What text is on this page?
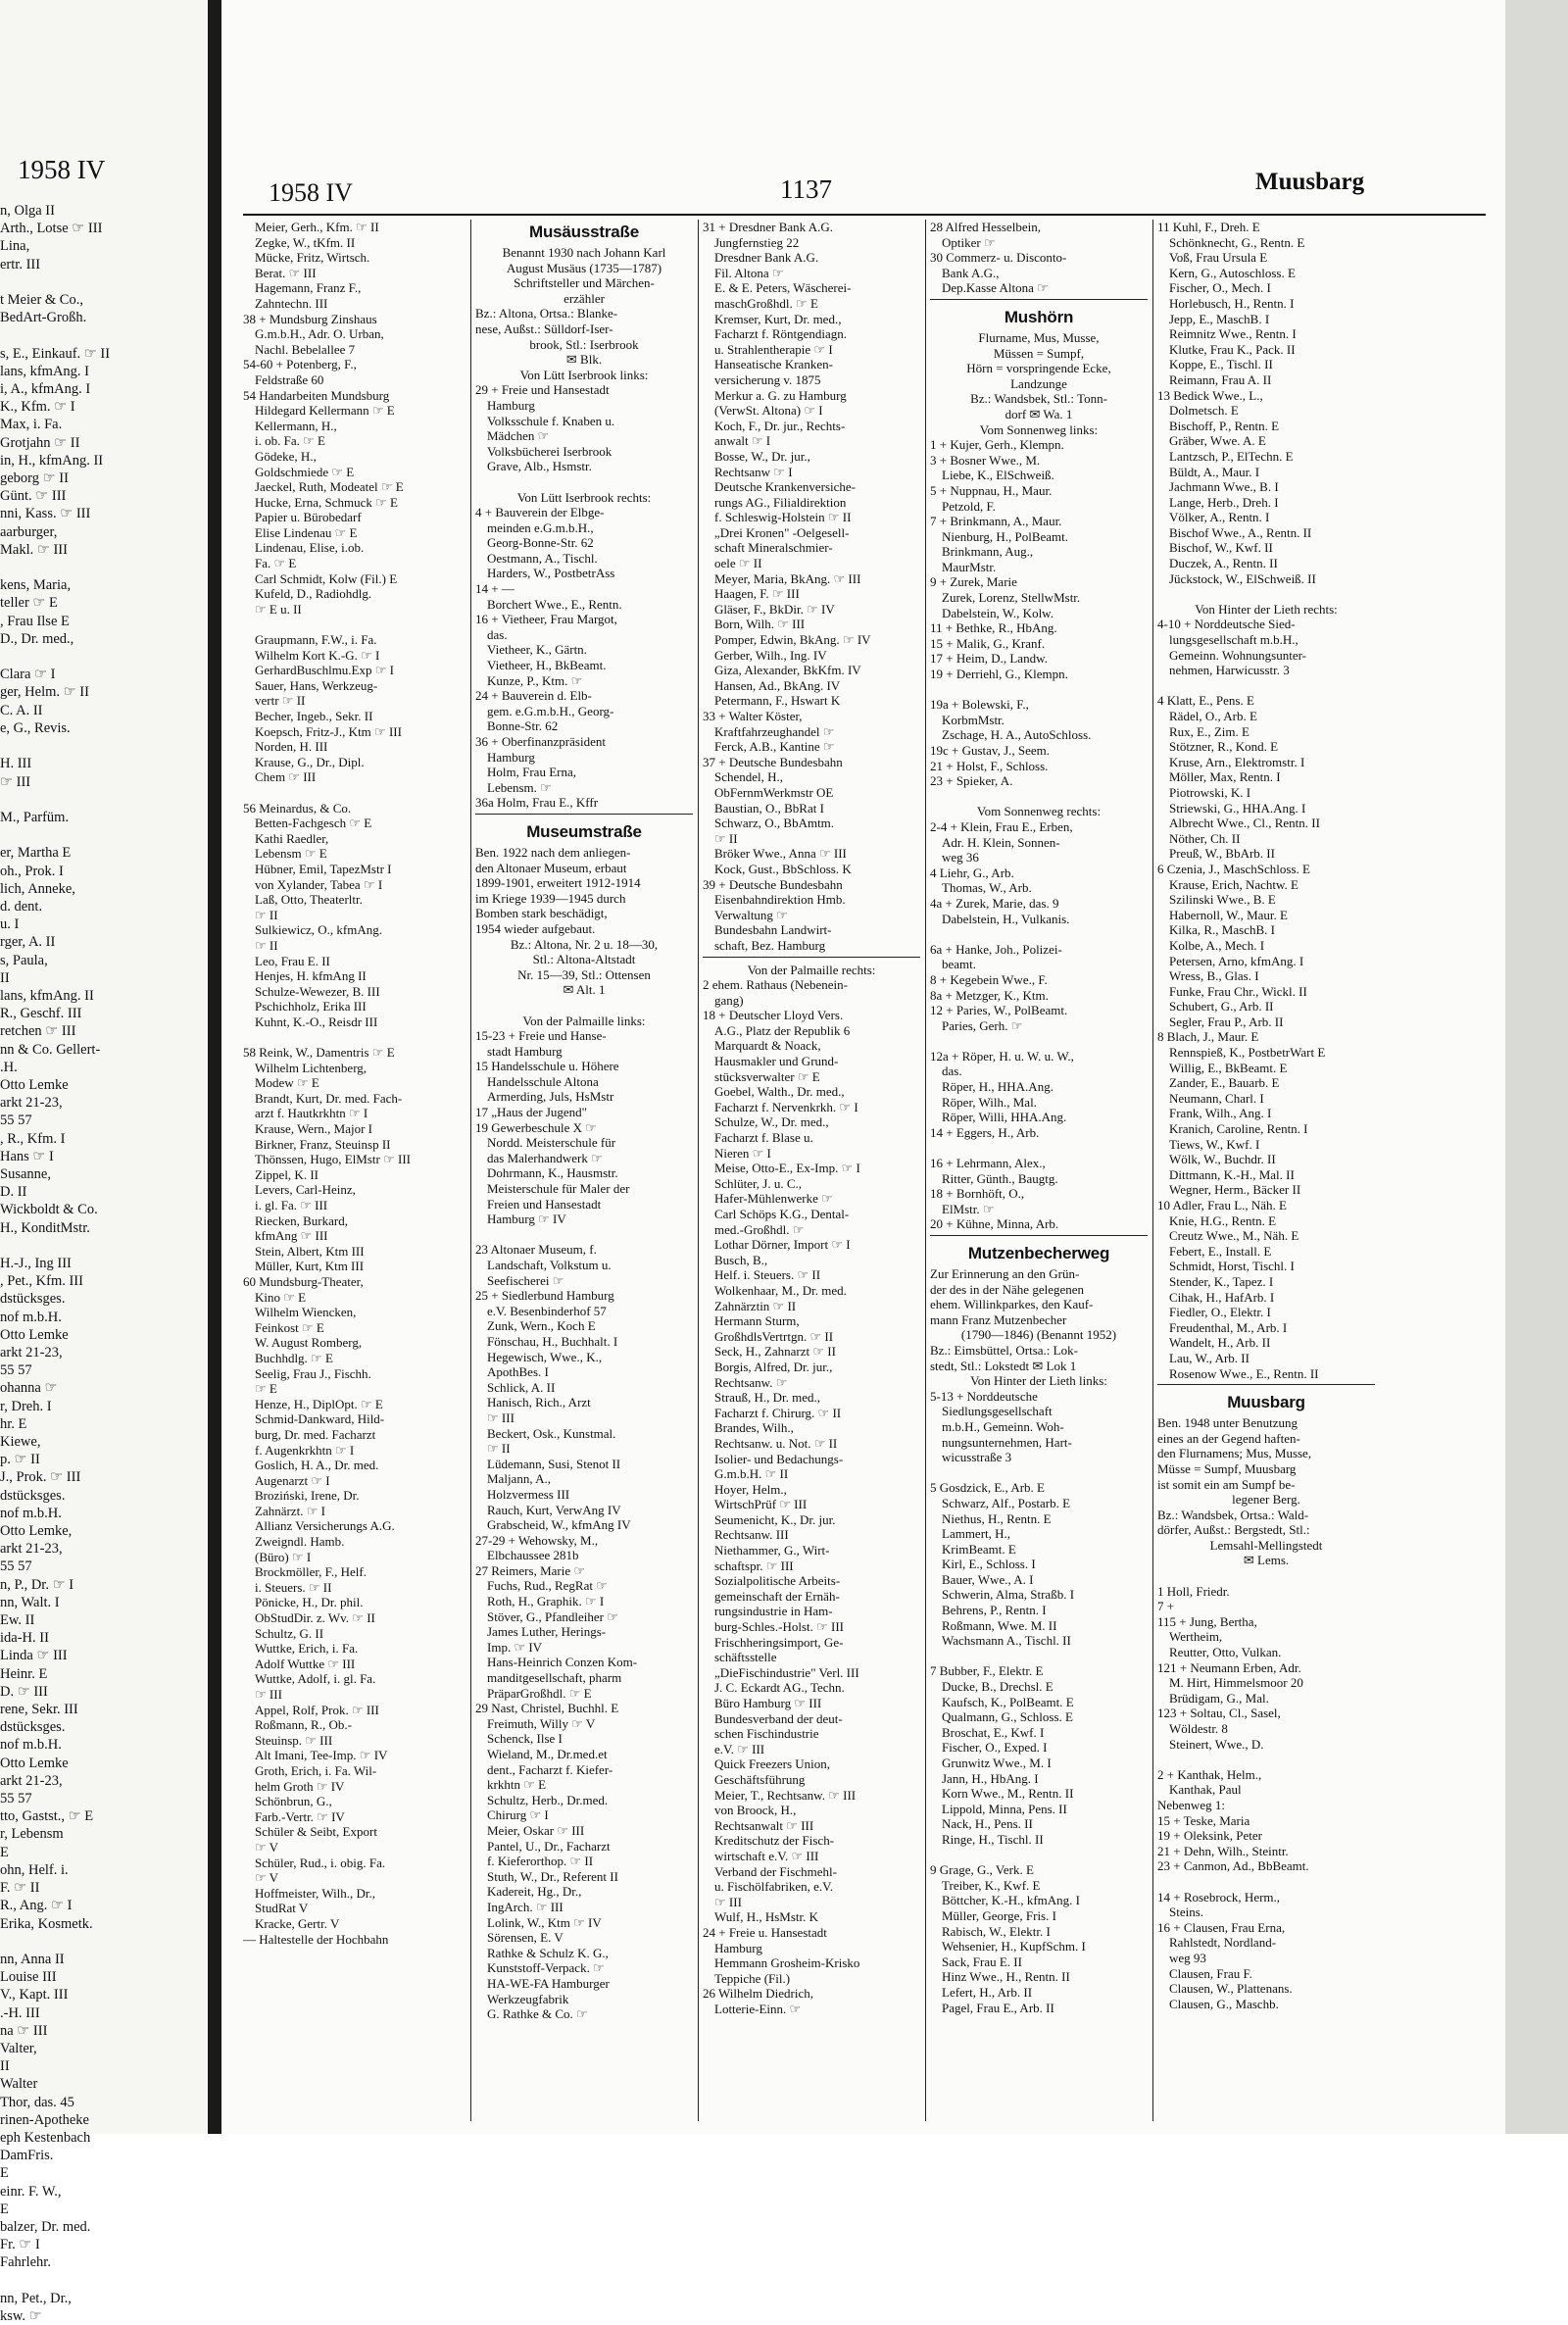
1958 IV
n, Olga II
Arth., Lotse ☞ III
Lina,
ertr. III

t Meier & Co.,
BedArt-Großh.

s, E., Einkauf. ☞ II
lans, kfmAng. I
i, A., kfmAng. I
K., Kfm. ☞ I
Max, i. Fa.
Grotjahn ☞ II
in, H., kfmAng. II
geborg ☞ II
Günt. ☞ III
nni, Kass. ☞ III
aarburger,
Makl. ☞ III

kens, Maria,
teller ☞ E
, Frau Ilse E
D., Dr. med.,

Clara ☞ I
ger, Helm. ☞ II
C. A. II
e, G., Revis.

H. III
☞ III

M., Parfüm.

er, Martha E
oh., Prok. I
lich, Anneke,
d. dent.
u. I
rger, A. II
s, Paula,
II
lans, kfmAng. II
R., Geschf. III
retchen ☞ III
nn & Co. Gellert-
.H.
Otto Lemke
arkt 21-23,
55 57
, R., Kfm. I
Hans ☞ I
Susanne,
D. II
Wickboldt & Co.
H., KonditMstr.

H.-J., Ing III
, Pet., Kfm. III
dstücksges.
nof m.b.H.
Otto Lemke
arkt 21-23,
55 57
ohanna ☞
r, Dreh. I
hr. E
Kiewe,
p. ☞ II
J., Prok. ☞ III
dstücksges.
nof m.b.H.
Otto Lemke,
arkt 21-23,
55 57
n, P., Dr. ☞ I
nn, Walt. I
Ew. II
ida-H. II
Linda ☞ III
Heinr. E
D. ☞ III
rene, Sekr. III
dstücksges.
nof m.b.H.
Otto Lemke
arkt 21-23,
55 57
tto, Gastst., ☞ E
r, Lebensm
E
ohn, Helf. i.
F. ☞ II
R., Ang. ☞ I
Erika, Kosmetk.

nn, Anna II
Louise III
V., Kapt. III
.-H. III
na ☞ III
Valter,
II
Walter
Thor, das. 45
rinen-Apotheke
eph Kestenbach
DamFris.
E
einr. F. W.,
E
balzer, Dr. med.
Fr. ☞ I
Fahrlehr.

nn, Pet., Dr.,
ksw. ☞
1958 IV	1137	Muusbarg
Meier, Gerh., Kfm. ☞ II
Zegke, W., tKfm. II
Mücke, Fritz, Wirtsch.
Berat. ☞ III
Hagemann, Franz F.,
Zahntechn. III
38 + Mundsburg Zinshaus
G.m.b.H., Adr. O. Urban,
Nachl. Bebelallee 7
54-60 + Potenberg, F.,
Feldstraße 60
54 Handarbeiten Mundsburg
Hildegard Kellermann ☞ E
Kellermann, H.,
i. ob. Fa. ☞ E
Gödeke, H.,
Goldschmiede ☞ E
Jaeckel, Ruth, Modeatel ☞ E
Hucke, Erna, Schmuck ☞ E
Papier u. Bürobedarf
Elise Lindenau ☞ E
Lindenau, Elise, i.ob.
Fa. ☞ E
Carl Schmidt, Kolw (Fil.) E
Kufeld, D., Radiohdlg.
☞ E u. II

Graupmann, F.W., i. Fa.
Wilhelm Kort K.-G. ☞ I
GerhardBuschlmu.Exp ☞ I
Sauer, Hans, Werkzeug-
vertr ☞ II
Becher, Ingeb., Sekr. II
Koepsch, Fritz-J., Ktm ☞ III
Norden, H. III
Krause, G., Dr., Dipl.
Chem ☞ III

56 Meinardus, & Co.
Betten-Fachgesch ☞ E
Kathi Raedler,
Lebensm ☞ E
Hübner, Emil, TapezMstr I
von Xylander, Tabea ☞ I
Laß, Otto, Theaterltr.
☞ II
Sulkiewicz, O., kfmAng.
☞ II
Leo, Frau E. II
Henjes, H. kfmAng II
Schulze-Wewezer, B. III
Pschichholz, Erika III
Kuhnt, K.-O., Reisdr III

58 Reink, W., Damentris ☞ E
Wilhelm Lichtenberg,
Modew ☞ E
Brandt, Kurt, Dr. med. Fach-
arzt f. Hautkrkhtn ☞ I
Krause, Wern., Major I
Birkner, Franz, Steuinsp II
Thönssen, Hugo, ElMstr ☞ III
Zippel, K. II
Levers, Carl-Heinz,
i. gl. Fa. ☞ III
Riecken, Burkard,
kfmAng ☞ III
Stein, Albert, Ktm III
Müller, Kurt, Ktm III
60 Mundsburg-Theater,
Kino ☞ E
Wilhelm Wiencken,
Feinkost ☞ E
W. August Romberg,
Buchhdlg. ☞ E
Seelig, Frau J., Fischh.
☞ E
Henze, H., DiplOpt. ☞ E
Schmid-Dankward, Hild-
burg, Dr. med. Facharzt
f. Augenkrkhtn ☞ I
Goslich, H. A., Dr. med.
Augenarzt ☞ I
Broziński, Irene, Dr.
Zahnärzt. ☞ I
Allianz Versicherungs A.G.
Zweigndl. Hamb.
(Büro) ☞ I
Brockmöller, F., Helf.
i. Steuers. ☞ II
Pönicke, H., Dr. phil.
ObStudDir. z. Wv. ☞ II
Schultz, G. II
Wuttke, Erich, i. Fa.
Adolf Wuttke ☞ III
Wuttke, Adolf, i. gl. Fa.
☞ III
Appel, Rolf, Prok. ☞ III
Roßmann, R., Ob.-
Steuinsp. ☞ III
Alt Imani, Tee-Imp. ☞ IV
Groth, Erich, i. Fa. Wil-
helm Groth ☞ IV
Schönbrun, G.,
Farb.-Vertr. ☞ IV
Schüler & Seibt, Export
☞ V
Schüler, Rud., i. obig. Fa.
☞ V
Hoffmeister, Wilh., Dr.,
StudRat V
Kracke, Gertr. V
— Haltestelle der Hochbahn
Musäusstraße
Benannt 1930 nach Johann Karl
August Musäus (1735—1787)
Schriftsteller und Märchen-
erzähler
Bz.: Altona, Ortsa.: Blanke-
nese, Außst.: Sülldorf-Iser-
brook, Stl.: Iserbrook
✉ Blk.
Von Lütt Iserbrook links:
29 + Freie und Hansestadt
Hamburg
Volksschule f. Knaben u.
Mädchen ☞
Volksbücherei Iserbrook
Grave, Alb., Hsmstr.

Von Lütt Iserbrook rechts:
4 + Bauverein der Elbge-
meinden e.G.m.b.H.,
Georg-Bonne-Str. 62
Oestmann, A., Tischl.
Harders, W., PostbetrAss
14 + —
Borchert Wwe., E., Rentn.
16 + Vietheer, Frau Margot,
das.
Vietheer, K., Gärtn.
Vietheer, H., BkBeamt.
Kunze, P., Ktm. ☞
24 + Bauverein d. Elb-
gem. e.G.m.b.H., Georg-
Bonne-Str. 62
36 + Oberfinanzpräsident
Hamburg
Holm, Frau Erna,
Lebensm. ☞
36a Holm, Frau E., Kffr
Museumstraße
Ben. 1922 nach dem anliegen-
den Altonaer Museum, erbaut
1899-1901, erweitert 1912-1914
im Kriege 1939—1945 durch
Bomben stark beschädigt,
1954 wieder aufgebaut.
Bz.: Altona, Nr. 2 u. 18—30,
Stl.: Altona-Altstadt
Nr. 15—39, Stl.: Ottensen
✉ Alt. 1

Von der Palmaille links:
15-23 + Freie und Hanse-
stadt Hamburg
15 Handelsschule u. Höhere
Handelsschule Altona
Armerding, Juls, HsMstr
17 „Haus der Jugend"
19 Gewerbeschule X ☞
Nordd. Meisterschule für
das Malerhandwerk ☞
Dohrmann, K., Hausmstr.
Meisterschule für Maler der
Freien und Hansestadt
Hamburg ☞ IV

23 Altonaer Museum, f.
Landschaft, Volkstum u.
Seefischerei ☞
25 + Siedlerbund Hamburg
e.V. Besenbinderhof 57
Zunk, Wern., Koch E
Fönschau, H., Buchhalt. I
Hegewisch, Wwe., K.,
ApothBes. I
Schlick, A. II
Hanisch, Rich., Arzt
☞ III
Beckert, Osk., Kunstmal.
☞ II
Lüdemann, Susi, Stenot II
Maljann, A.,
Holzvermess III
Rauch, Kurt, VerwAng IV
Grabscheid, W., kfmAng IV
27-29 + Wehowsky, M.,
Elbchaussee 281b
27 Reimers, Marie ☞
Fuchs, Rud., RegRat ☞
Roth, H., Graphik. ☞ I
Stöver, G., Pfandleiher ☞
James Luther, Herings-
Imp. ☞ IV
Hans-Heinrich Conzen Kom-
manditgesellschaft, pharm
PräparGroßhdl. ☞ E
29 Nast, Christel, Buchhl. E
Freimuth, Willy ☞ V
Schenck, Ilse I
Wieland, M., Dr.med.et
dent., Facharzt f. Kiefer-
krkhtn ☞ E
Schultz, Herb., Dr.med.
Chirurg ☞ I
Meier, Oskar ☞ III
Pantel, U., Dr., Facharzt
f. Kieferorthop. ☞ II
Stuth, W., Dr., Referent II
Kadereit, Hg., Dr.,
IngArch. ☞ III
Lolink, W., Ktm ☞ IV
Sörensen, E. V
Rathke & Schulz K. G.,
Kunststoff-Verpack. ☞
HA-WE-FA Hamburger
Werkzeugfabrik
G. Rathke & Co. ☞
31 + Dresdner Bank A.G.
Jungfernstieg 22
Dresdner Bank A.G.
Fil. Altona ☞
E. & E. Peters, Wäscherei-
maschGroßhdl. ☞ E
Kremser, Kurt, Dr. med.,
Facharzt f. Röntgendiagn.
u. Strahlentherapie ☞ I
Hanseatische Kranken-
versicherung v. 1875
Merkur a. G. zu Hamburg
(VerwSt. Altona) ☞ I
Koch, F., Dr. jur., Rechts-
anwalt ☞ I
Bosse, W., Dr. jur.,
Rechtsanw ☞ I
Deutsche Krankenversiche-
rungs AG., Filialdirektion
f. Schleswig-Holstein ☞ II
„Drei Kronen" -Oelgesell-
schaft Mineralschmier-
oele ☞ II
Meyer, Maria, BkAng. ☞ III
Haagen, F. ☞ III
Gläser, F., BkDir. ☞ IV
Born, Wilh. ☞ III
Pomper, Edwin, BkAng. ☞ IV
Gerber, Wilh., Ing. IV
Giza, Alexander, BkKfm. IV
Hansen, Ad., BkAng. IV
Petermann, F., Hswart K
33 + Walter Köster,
Kraftfahrzeughandel ☞
Ferck, A.B., Kantine ☞
37 + Deutsche Bundesbahn
Schendel, H.,
ObFernmWerkmstr OE
Baustian, O., BbRat I
Schwarz, O., BbAmtm.
☞ II
Bröker Wwe., Anna ☞ III
Kock, Gust., BbSchloss. K
39 + Deutsche Bundesbahn
Eisenbahndirektion Hmb.
Verwaltung ☞
Bundesbahn Landwirt-
schaft, Bez. Hamburg
Von der Palmaille rechts:
2 ehem. Rathaus (Nebenein-
gang)
18 + Deutscher Lloyd Vers.
A.G., Platz der Republik 6
Marquardt & Noack,
Hausmakler und Grund-
stücksverwalter ☞ E
Goebel, Walth., Dr. med.,
Facharzt f. Nervenkrkh. ☞ I
Schulze, W., Dr. med.,
Facharzt f. Blase u.
Nieren ☞ I
Meise, Otto-E., Ex-Imp. ☞ I
Schlüter, J. u. C.,
Hafer-Mühlenwerke ☞
Carl Schöps K.G., Dental-
med.-Großhdl. ☞
Lothar Dörner, Import ☞ I
Busch, B.,
Helf. i. Steuers. ☞ II
Wolkenhaar, M., Dr. med.
Zahnärztin ☞ II
Hermann Sturm,
GroßhdlsVertrtgn. ☞ II
Seck, H., Zahnarzt ☞ II
Borgis, Alfred, Dr. jur.,
Rechtsanw. ☞
Strauß, H., Dr. med.,
Facharzt f. Chirurg. ☞ II
Brandes, Wilh.,
Rechtsanw. u. Not. ☞ II
Isolier- und Bedachungs-
G.m.b.H. ☞ II
Hoyer, Helm.,
WirtschPrüf ☞ III
Seumenicht, K., Dr. jur.
Rechtsanw. III
Niethammer, G., Wirt-
schaftspr. ☞ III
Sozialpolitische Arbeits-
gemeinschaft der Ernäh-
rungsindustrie in Ham-
burg-Schles.-Holst. ☞ III
Frischheringsimport, Ge-
schäftsstelle
„DieFischindustrie" Verl. III
J. C. Eckardt AG., Techn.
Büro Hamburg ☞ III
Bundesverband der deut-
schen Fischindustrie
e.V. ☞ III
Quick Freezers Union,
Geschäftsführung
Meier, T., Rechtsanw. ☞ III
von Broock, H.,
Rechtsanwalt ☞ III
Kreditschutz der Fisch-
wirtschaft e.V. ☞ III
Verband der Fischmehl-
u. Fischölfabriken, e.V.
☞ III
Wulf, H., HsMstr. K
24 + Freie u. Hansestadt
Hamburg
Hemmann Grosheim-Krisko
Teppiche (Fil.)
26 Wilhelm Diedrich,
Lotterie-Einn. ☞
28 Alfred Hesselbein,
Optiker ☞
30 Commerz- u. Disconto-
Bank A.G.,
Dep.Kasse Altona ☞
Mushörn
Flurname, Mus, Musse,
Müssen = Sumpf,
Hörn = vorspringende Ecke,
Landzunge
Bz.: Wandsbek, Stl.: Tonn-
dorf ✉ Wa. 1
Vom Sonnenweg links:
1 + Kujer, Gerh., Klempn.
3 + Bosner Wwe., M.
Liebe, K., ElSchweiß.
5 + Nuppnau, H., Maur.
Petzold, F.
7 + Brinkmann, A., Maur.
Nienburg, H., PolBeamt.
Brinkmann, Aug.,
MaurMstr.
9 + Zurek, Marie
Zurek, Lorenz, StellwMstr.
Dabelstein, W., Kolw.
11 + Bethke, R., HbAng.
15 + Malik, G., Kranf.
17 + Heim, D., Landw.
19 + Derriehl, G., Klempn.

19a + Bolewski, F.,
KorbmMstr.
Zschage, H. A., AutoSchloss.
19c + Gustav, J., Seem.
21 + Holst, F., Schloss.
23 + Spieker, A.

Vom Sonnenweg rechts:
2-4 + Klein, Frau E., Erben,
Adr. H. Klein, Sonnen-
weg 36
4 Liehr, G., Arb.
Thomas, W., Arb.
4a + Zurek, Marie, das. 9
Dabelstein, H., Vulkanis.

6a + Hanke, Joh., Polizei-
beamt.
8 + Kegebein Wwe., F.
8a + Metzger, K., Ktm.
12 + Paries, W., PolBeamt.
Paries, Gerh. ☞

12a + Röper, H. u. W. u. W.,
das.
Röper, H., HHA.Ang.
Röper, Wilh., Mal.
Röper, Willi, HHA.Ang.
14 + Eggers, H., Arb.

16 + Lehrmann, Alex.,
Ritter, Günth., Baugtg.
18 + Bornhöft, O.,
ElMstr. ☞
20 + Kühne, Minna, Arb.
Mutzenbecherweg
Zur Erinnerung an den Grün-
der des in der Nähe gelegenen
ehem. Willinkparkes, den Kauf-
mann Franz Mutzenbecher
(1790—1846) (Benannt 1952)
Bz.: Eimsbüttel, Ortsa.: Lok-
stedt, Stl.: Lokstedt ✉ Lok 1
Von Hinter der Lieth links:
5-13 + Norddeutsche
Siedlungsgesellschaft
m.b.H., Gemeinn. Woh-
nungsunternehmen, Hart-
wicusstraße 3

5 Gosdzick, E., Arb. E
Schwarz, Alf., Postarb. E
Niethus, H., Rentn. E
Lammert, H.,
KrimBeamt. E
Kirl, E., Schloss. I
Bauer, Wwe., A. I
Schwerin, Alma, Straßb. I
Behrens, P., Rentn. I
Roßmann, Wwe. M. II
Wachsmann A., Tischl. II

7 Bubber, F., Elektr. E
Ducke, B., Drechsl. E
Kaufsch, K., PolBeamt. E
Qualmann, G., Schloss. E
Broschat, E., Kwf. I
Fischer, O., Exped. I
Grunwitz Wwe., M. I
Jann, H., HbAng. I
Korn Wwe., M., Rentn. II
Lippold, Minna, Pens. II
Nack, H., Pens. II
Ringe, H., Tischl. II

9 Grage, G., Verk. E
Treiber, K., Kwf. E
Böttcher, K.-H., kfmAng. I
Müller, George, Fris. I
Rabisch, W., Elektr. I
Wehsenier, H., KupfSchm. I
Sack, Frau E. II
Hinz Wwe., H., Rentn. II
Lefert, H., Arb. II
Pagel, Frau E., Arb. II
11 Kuhl, F., Dreh. E
Schönknecht, G., Rentn. E
Voß, Frau Ursula E
Kern, G., Autoschloss. E
Fischer, O., Mech. I
Horlebusch, H., Rentn. I
Jepp, E., MaschB. I
Reimnitz Wwe., Rentn. I
Klutke, Frau K., Pack. II
Koppe, E., Tischl. II
Reimann, Frau A. II
13 Bedick Wwe., L.,
Dolmetsch. E
Bischoff, P., Rentn. E
Gräber, Wwe. A. E
Lantzsch, P., ElTechn. E
Büldt, A., Maur. I
Jachmann Wwe., B. I
Lange, Herb., Dreh. I
Völker, A., Rentn. I
Bischof Wwe., A., Rentn. II
Bischof, W., Kwf. II
Duczek, A., Rentn. II
Jückstock, W., ElSchweiß. II

Von Hinter der Lieth rechts:
4-10 + Norddeutsche Sied-
lungsgesellschaft m.b.H.,
Gemeinn. Wohnungsunter-
nehmen, Harwicusstr. 3

4 Klatt, E., Pens. E
Rädel, O., Arb. E
Rux, E., Zim. E
Stötzner, R., Kond. E
Kruse, Arn., Elektromstr. I
Möller, Max, Rentn. I
Piotrowski, K. I
Striewski, G., HHA.Ang. I
Albrecht Wwe., Cl., Rentn. II
Nöther, Ch. II
Preuß, W., BbArb. II
6 Czenia, J., MaschSchloss. E
Krause, Erich, Nachtw. E
Szilinski Wwe., B. E
Habernoll, W., Maur. E
Kilka, R., MaschB. I
Kolbe, A., Mech. I
Petersen, Arno, kfmAng. I
Wress, B., Glas. I
Funke, Frau Chr., Wickl. II
Schubert, G., Arb. II
Segler, Frau P., Arb. II
8 Blach, J., Maur. E
Rennspieß, K., PostbetrWart E
Willig, E., BkBeamt. E
Zander, E., Bauarb. E
Neumann, Charl. I
Frank, Wilh., Ang. I
Kranich, Caroline, Rentn. I
Tiews, W., Kwf. I
Wölk, W., Buchdr. II
Dittmann, K.-H., Mal. II
Wegner, Herm., Bäcker II
10 Adler, Frau L., Näh. E
Knie, H.G., Rentn. E
Creutz Wwe., M., Näh. E
Febert, E., Install. E
Schmidt, Horst, Tischl. I
Stender, K., Tapez. I
Cihak, H., HafArb. I
Fiedler, O., Elektr. I
Freudenthal, M., Arb. I
Wandelt, H., Arb. II
Lau, W., Arb. II
Rosenow Wwe., E., Rentn. II
Muusbarg
Ben. 1948 unter Benutzung
eines an der Gegend haften-
den Flurnamens; Mus, Musse,
Müsse = Sumpf, Muusbarg
ist somit ein am Sumpf be-
legener Berg.
Bz.: Wandsbek, Ortsa.: Wald-
dörfer, Außst.: Bergstedt, Stl.:
Lemsahl-Mellingstedt
✉ Lems.

1 Holl, Friedr.
7 +
115 + Jung, Bertha,
Wertheim,
Reutter, Otto, Vulkan.
121 + Neumann Erben, Adr.
M. Hirt, Himmelsmoor 20
Brüdigam, G., Mal.
123 + Soltau, Cl., Sasel,
Wöldestr. 8
Steinert, Wwe., D.

2 + Kanthak, Helm.,
Kanthak, Paul
Nebenweg 1:
15 + Teske, Maria
19 + Oleksink, Peter
21 + Dehn, Wilh., Steintr.
23 + Canmon, Ad., BbBeamt.

14 + Rosebrock, Herm.,
Steins.
16 + Clausen, Frau Erna,
Rahlstedt, Nordland-
weg 93
Clausen, Frau F.
Clausen, W., Plattenans.
Clausen, G., Maschb.
